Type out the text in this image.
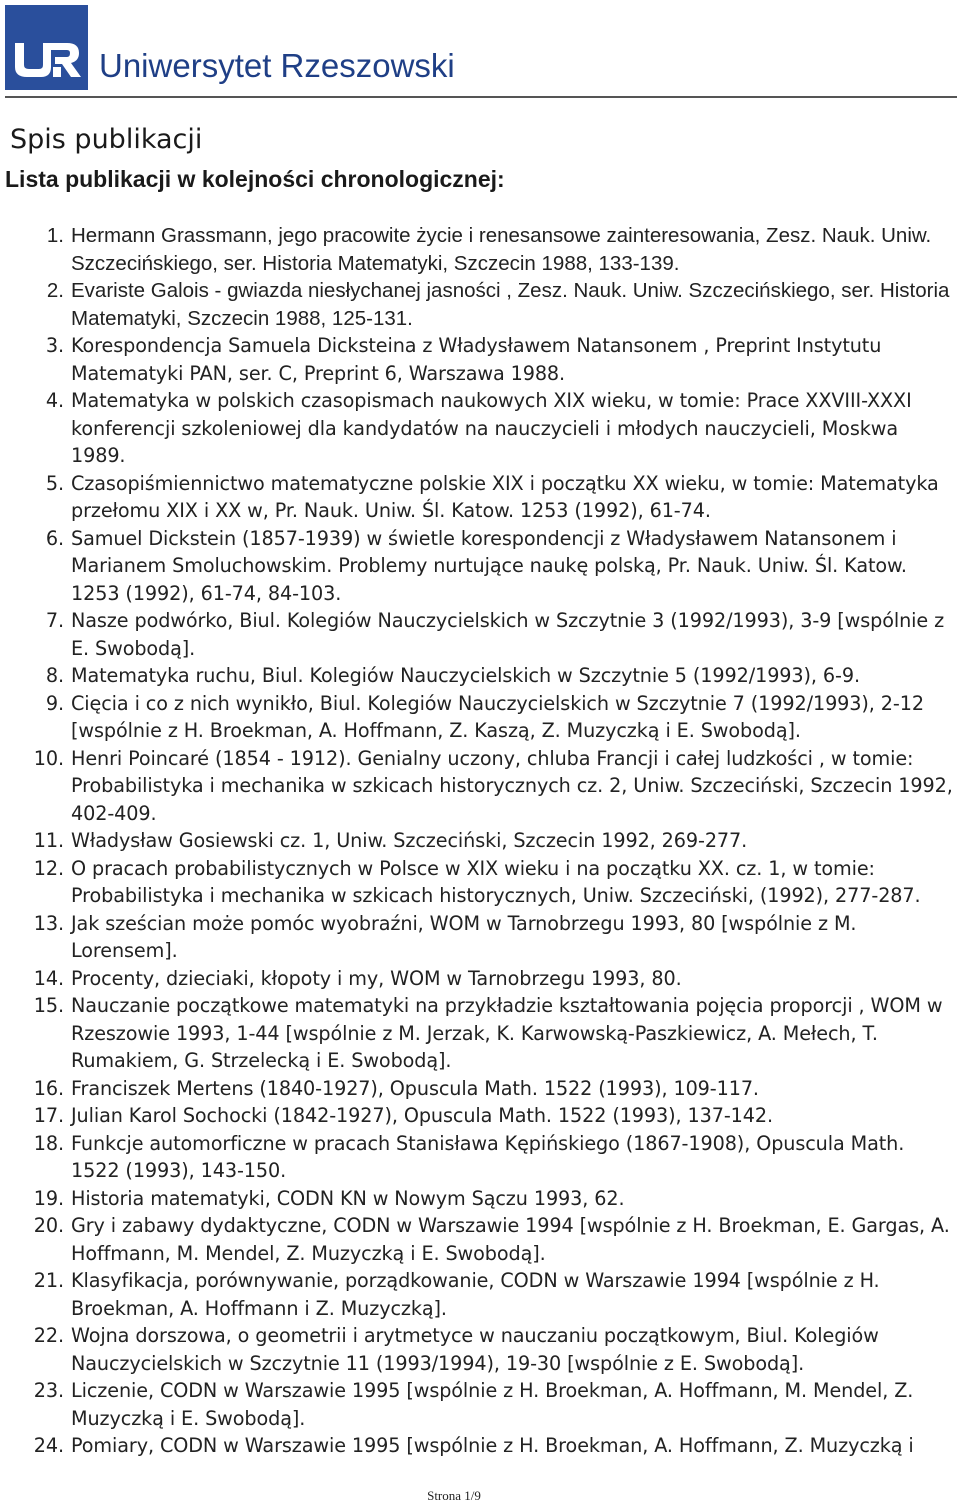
Uniwersytet Rzeszowski
Spis publikacji
Lista publikacji w kolejności chronologicznej:
1. Hermann Grassmann, jego pracowite życie i renesansowe zainteresowania, Zesz. Nauk. Uniw. Szczecińskiego, ser. Historia Matematyki, Szczecin 1988, 133-139.
2. Evariste Galois - gwiazda niesłychanej jasności , Zesz. Nauk. Uniw. Szczecińskiego, ser. Historia Matematyki, Szczecin 1988, 125-131.
3. Korespondencja Samuela Dicksteina z Władysławem Natansonem , Preprint Instytutu Matematyki PAN, ser. C, Preprint 6, Warszawa 1988.
4. Matematyka w polskich czasopismach naukowych XIX wieku, w tomie: Prace XXVIII-XXXI konferencji szkoleniowej dla kandydatów na nauczycieli i młodych nauczycieli, Moskwa 1989.
5. Czasopiśmiennictwo matematyczne polskie XIX i początku XX wieku, w tomie: Matematyka przełomu XIX i XX w, Pr. Nauk. Uniw. Śl. Katow. 1253 (1992), 61-74.
6. Samuel Dickstein (1857-1939) w świetle korespondencji z Władysławem Natansonem i Marianem Smoluchowskim. Problemy nurtujące naukę polską, Pr. Nauk. Uniw. Śl. Katow. 1253 (1992), 61-74, 84-103.
7. Nasze podwórko, Biul. Kolegiów Nauczycielskich w Szczytnie 3 (1992/1993), 3-9 [wspólnie z E. Swobodą].
8. Matematyka ruchu, Biul. Kolegiów Nauczycielskich w Szczytnie 5 (1992/1993), 6-9.
9. Cięcia i co z nich wynikło, Biul. Kolegiów Nauczycielskich w Szczytnie 7 (1992/1993), 2-12 [wspólnie z H. Broekman, A. Hoffmann, Z. Kaszą, Z. Muzyczką i E. Swobodą].
10. Henri Poincaré (1854 - 1912). Genialny uczony, chluba Francji i całej ludzkości , w tomie: Probabilistyka i mechanika w szkicach historycznych cz. 2, Uniw. Szczeciński, Szczecin 1992, 402-409.
11. Władysław Gosiewski cz. 1, Uniw. Szczeciński, Szczecin 1992, 269-277.
12. O pracach probabilistycznych w Polsce w XIX wieku i na początku XX. cz. 1, w tomie: Probabilistyka i mechanika w szkicach historycznych, Uniw. Szczeciński, (1992), 277-287.
13. Jak sześcian może pomóc wyobraźni, WOM w Tarnobrzegu 1993, 80 [wspólnie z M. Lorensem].
14. Procenty, dzieciaki, kłopoty i my, WOM w Tarnobrzegu 1993, 80.
15. Nauczanie początkowe matematyki na przykładzie kształtowania pojęcia proporcji , WOM w Rzeszowie 1993, 1-44 [wspólnie z M. Jerzak, K. Karwowską-Paszkiewicz, A. Mełech, T. Rumakiem, G. Strzelecką i E. Swobodą].
16. Franciszek Mertens (1840-1927), Opuscula Math. 1522 (1993), 109-117.
17. Julian Karol Sochocki (1842-1927), Opuscula Math. 1522 (1993), 137-142.
18. Funkcje automorficzne w pracach Stanisława Kępińskiego (1867-1908), Opuscula Math. 1522 (1993), 143-150.
19. Historia matematyki, CODN KN w Nowym Sączu 1993, 62.
20. Gry i zabawy dydaktyczne, CODN w Warszawie 1994 [wspólnie z H. Broekman, E. Gargas, A. Hoffmann, M. Mendel, Z. Muzyczką i E. Swobodą].
21. Klasyfikacja, porównywanie, porządkowanie, CODN w Warszawie 1994 [wspólnie z H. Broekman, A. Hoffmann i Z. Muzyczką].
22. Wojna dorszowa, o geometrii i arytmetyce w nauczaniu początkowym, Biul. Kolegiów Nauczycielskich w Szczytnie 11 (1993/1994), 19-30 [wspólnie z E. Swobodą].
23. Liczenie, CODN w Warszawie 1995 [wspólnie z H. Broekman, A. Hoffmann, M. Mendel, Z. Muzyczką i E. Swobodą].
24. Pomiary, CODN w Warszawie 1995 [wspólnie z H. Broekman, A. Hoffmann, Z. Muzyczką i
Strona 1/9
